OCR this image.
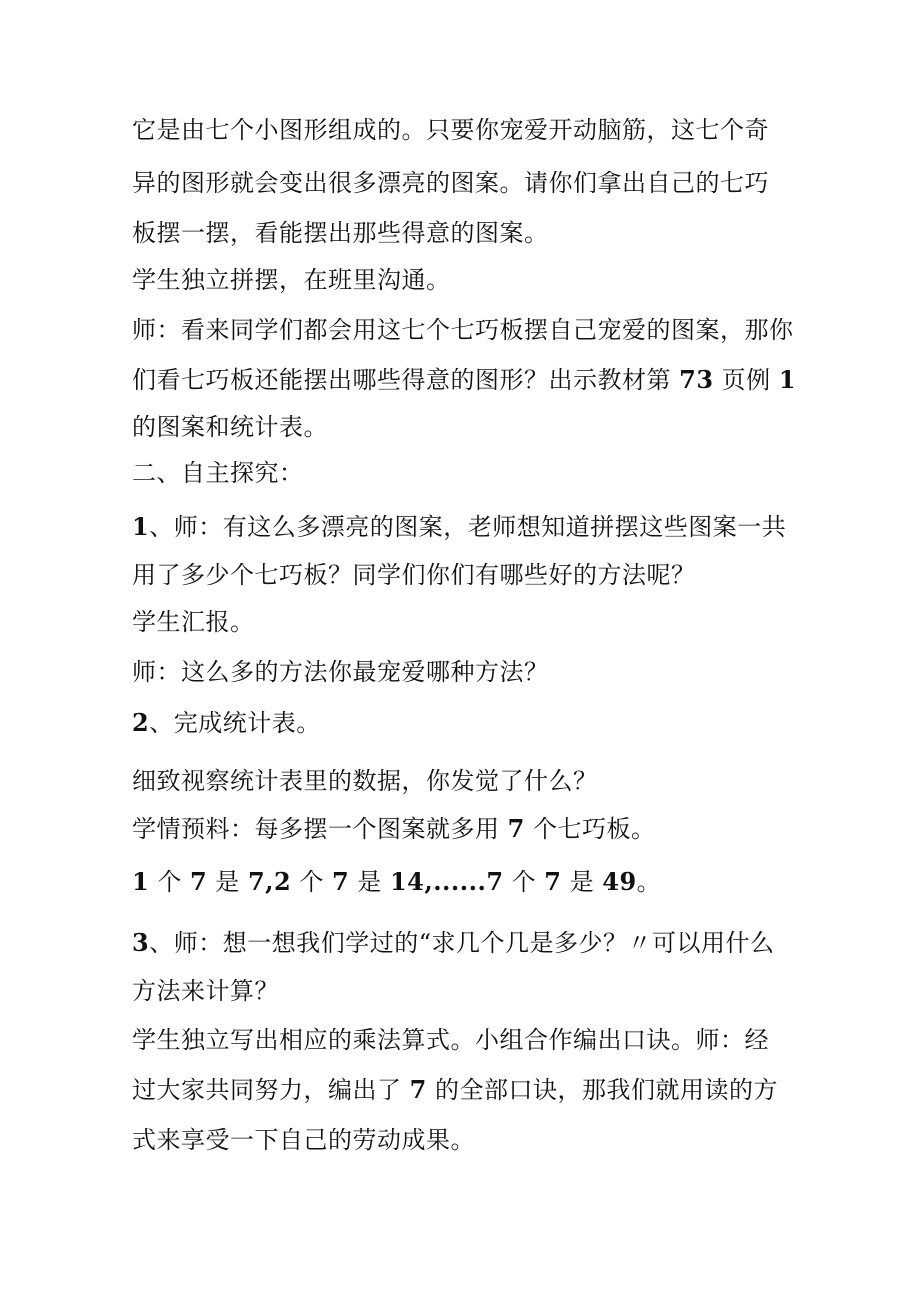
它是由七个小图形组成的。只要你宠爱开动脑筋，这七个奇

异的图形就会变出很多漂亮的图案。请你们拿出自己的七巧

板摆一摆，看能摆出那些得意的图案。

学生独立拼摆，在班里沟通。

师：看来同学们都会用这七个七巧板摆自己宠爱的图案，那你

们看七巧板还能摆出哪些得意的图形？出示教材第 73 页例 1

的图案和统计表。

二、自主探究：

1、师：有这么多漂亮的图案，老师想知道拼摆这些图案一共

用了多少个七巧板？同学们你们有哪些好的方法呢？

学生汇报。

师：这么多的方法你最宠爱哪种方法？

2、完成统计表。

细致视察统计表里的数据，你发觉了什么？

学情预料：每多摆一个图案就多用 7 个七巧板。

1 个 7 是 7,2 个 7 是 14,......7 个 7 是 49。

3、师：想一想我们学过的“求几个几是多少？〃可以用什么

方法来计算？

学生独立写出相应的乘法算式。小组合作编出口诀。师：经

过大家共同努力，编出了 7 的全部口诀，那我们就用读的方

式来享受一下自己的劳动成果。
